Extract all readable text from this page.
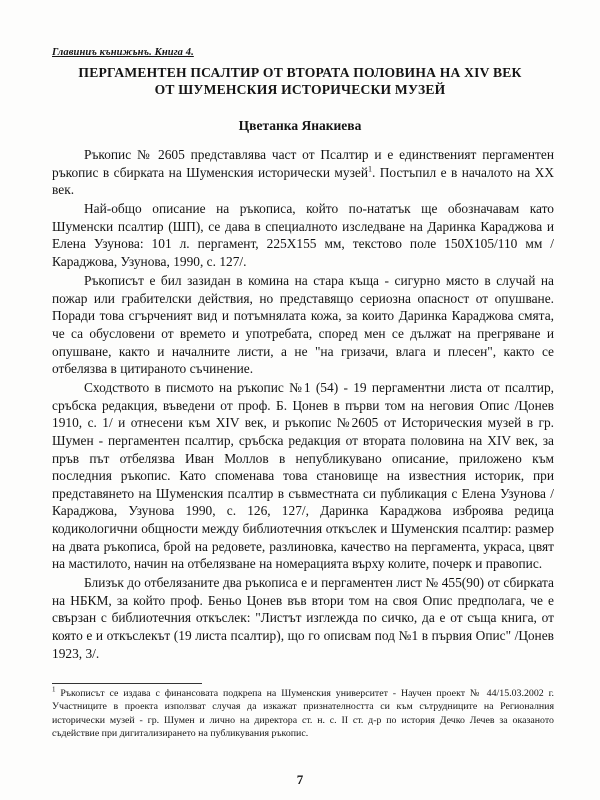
Главиниъ кънижьнъ. Книга 4.
ПЕРГАМЕНТЕН ПСАЛТИР ОТ ВТОРАТА ПОЛОВИНА НА XIV ВЕК
ОТ ШУМЕНСКИЯ ИСТОРИЧЕСКИ МУЗЕЙ
Цветанка Янакиева

Ръкопис № 2605 представлява част от Псалтир и е единственият пергаментен ръкопис в сбирката на Шуменския исторически музей$^1$. Постъпил е в началото на XX век.

Най-общо описание на ръкописа, който по-нататък ще обозначавам като Шуменски псалтир (ШП), се дава в специалното изследване на Даринка Караджова и Елена Узунова: 101 л. пергамент, 225X155 мм, текстово поле 150X105/110 мм /Караджова, Узунова, 1990, с. 127/.

Ръкописът е бил зазидан в комина на стара къща - сигурно място в случай на пожар или грабителски действия, но представящо сериозна опасност от опушване. Поради това сгърченият вид и потъмнялата кожа, за които Даринка Караджова смята, че са обусловени от времето и употребата, според мен се дължат на прегряване и опушване, както и началните листи, а не "на гризачи, влага и плесен", както се отбелязва в цитираното съчинение.

Сходството в писмото на ръкопис №1 (54) - 19 пергаментни листа от псалтир, сръбска редакция, въведени от проф. Б. Цонев в първи том на неговия Опис /Цонев 1910, с. 1/ и отнесени към XIV век, и ръкопис №2605 от Историческия музей в гр. Шумен - пергаментен псалтир, сръбска редакция от втората половина на XIV век, за пръв път отбелязва Иван Моллов в непубликувано описание, приложено към последния ръкопис. Като споменава това становище на известния историк, при представянето на Шуменския псалтир в съвместната си публикация с Елена Узунова /Караджова, Узунова 1990, с. 126, 127/, Даринка Караджова изброява редица кодикологични общности между библиотечния откъслек и Шуменския псалтир: размер на двата ръкописа, брой на редовете, разлиновка, качество на пергамента, украса, цвят на мастилото, начин на отбелязване на номерацията върху колите, почерк и правопис.

Близък до отбелязаните два ръкописа е и пергаментен лист № 455(90) от сбирката на НБКМ, за който проф. Беньо Цонев във втори том на своя Опис предполага, че е свързан с библиотечния откъслек: "Листът изглежда по сичко, да е от съща книга, от която е и откъслекът (19 листа псалтир), що го описвам под №1 в първия Опис" /Цонев 1923, 3/.

$^1$ Ръкописът се издава с финансовата подкрепа на Шуменския университет - Научен проект № 44/15.03.2002 г. Участниците в проекта използват случая да изкажат признателността си към сътрудниците на Регионалния исторически музей - гр. Шумен и лично на директора ст. н. с. II ст. д-р по история Дечко Лечев за оказаното съдействие при дигитализирането на публикувания ръкопис.
7
